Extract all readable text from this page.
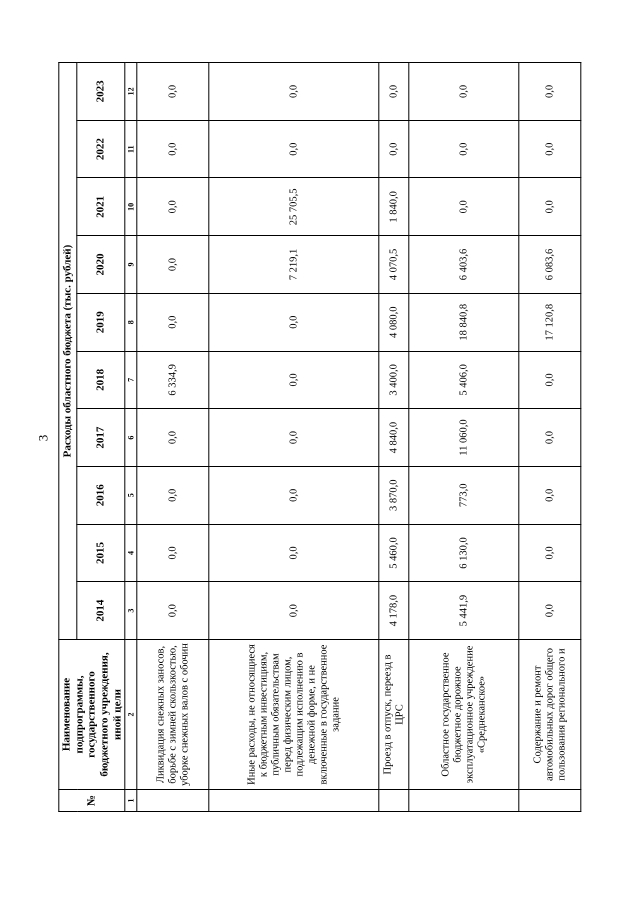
3
№	Наименование подпрограммы, государственного бюджетного учреждения, иной цели	Расходы областного бюджета (тыс. рублей)									
		2014	2015	2016	2017	2018	2019	2020	2021	2022	2023
1	2	3	4	5	6	7	8	9	10	11	12
	Ликвидация снежных заносов, борьбе с зимней скользкостью, уборке снежных валов с обочин	0,0	0,0	0,0	0,0	6 334,9	0,0	0,0	0,0	0,0	0,0
	Иные расходы, не относящиеся к бюджетным инвестициям, публичным обязательствам перед физическим лицом, подлежащим исполнению в денежной форме, и не включенные в государственное задание	0,0	0,0	0,0	0,0	0,0	0,0	7 219,1	25 705,5	0,0	0,0
	Проезд в отпуск, переезд в ЦРС	4 178,0	5 460,0	3 870,0	4 840,0	3 400,0	4 080,0	4 070,5	1 840,0	0,0	0,0
	Областное государственное бюджетное дорожное эксплуатационное учреждение «Среднеканское»	5 441,9	6 130,0	773,0	11 060,0	5 406,0	18 840,8	6 403,6	0,0	0,0	0,0
	Содержание и ремонт автомобильных дорог общего пользования регионального и	0,0	0,0	0,0	0,0	0,0	17 120,8	6 083,6	0,0	0,0	0,0
